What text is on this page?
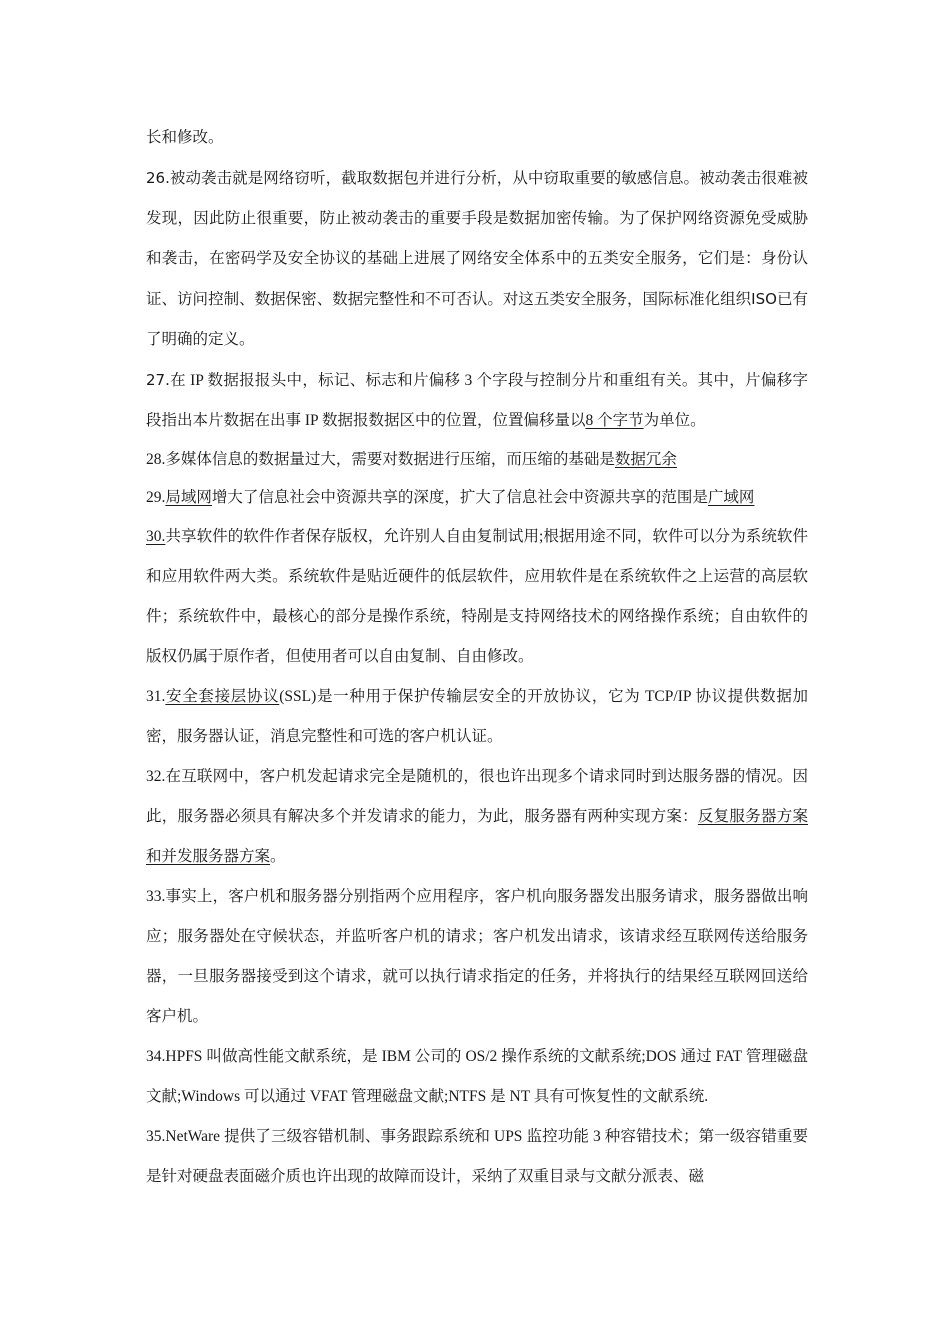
长和修改。

26.被动袭击就是网络窃听，截取数据包并进行分析，从中窃取重要的敏感信息。被动袭击很难被发现，因此防止很重要，防止被动袭击的重要手段是数据加密传输。为了保护网络资源免受威胁和袭击，在密码学及安全协议的基础上进展了网络安全体系中的五类安全服务，它们是：身份认证、访问控制、数据保密、数据完整性和不可否认。对这五类安全服务，国际标准化组织ISO已有了明确的定义。

27.在 IP 数据报报头中，标记、标志和片偏移 3 个字段与控制分片和重组有关。其中，片偏移字段指出本片数据在出事 IP 数据报数据区中的位置，位置偏移量以8 个字节为单位。

28.多媒体信息的数据量过大，需要对数据进行压缩，而压缩的基础是数据冗余

29.局域网增大了信息社会中资源共享的深度，扩大了信息社会中资源共享的范围是广域网

30.共享软件的软件作者保存版权，允许别人自由复制试用;根据用途不同，软件可以分为系统软件和应用软件两大类。系统软件是贴近硬件的低层软件，应用软件是在系统软件之上运营的高层软件；系统软件中，最核心的部分是操作系统，特剐是支持网络技术的网络操作系统；自由软件的版权仍属于原作者，但使用者可以自由复制、自由修改。

31.安全套接层协议(SSL)是一种用于保护传输层安全的开放协议，它为 TCP/IP 协议提供数据加密，服务器认证，消息完整性和可选的客户机认证。

32.在互联网中，客户机发起请求完全是随机的，很也许出现多个请求同时到达服务器的情况。因此，服务器必须具有解决多个并发请求的能力，为此，服务器有两种实现方案：反复服务器方案和并发服务器方案。

33.事实上，客户机和服务器分别指两个应用程序，客户机向服务器发出服务请求，服务器做出响应；服务器处在守候状态，并监听客户机的请求；客户机发出请求，该请求经互联网传送给服务器，一旦服务器接受到这个请求，就可以执行请求指定的任务，并将执行的结果经互联网回送给客户机。

34.HPFS 叫做高性能文献系统，是 IBM 公司的 OS/2 操作系统的文献系统;DOS 通过 FAT 管理磁盘文献;Windows 可以通过 VFAT 管理磁盘文献;NTFS 是 NT 具有可恢复性的文献系统.

35.NetWare 提供了三级容错机制、事务跟踪系统和 UPS 监控功能 3 种容错技术；第一级容错重要是针对硬盘表面磁介质也许出现的故障而设计，采纳了双重目录与文献分派表、磁
